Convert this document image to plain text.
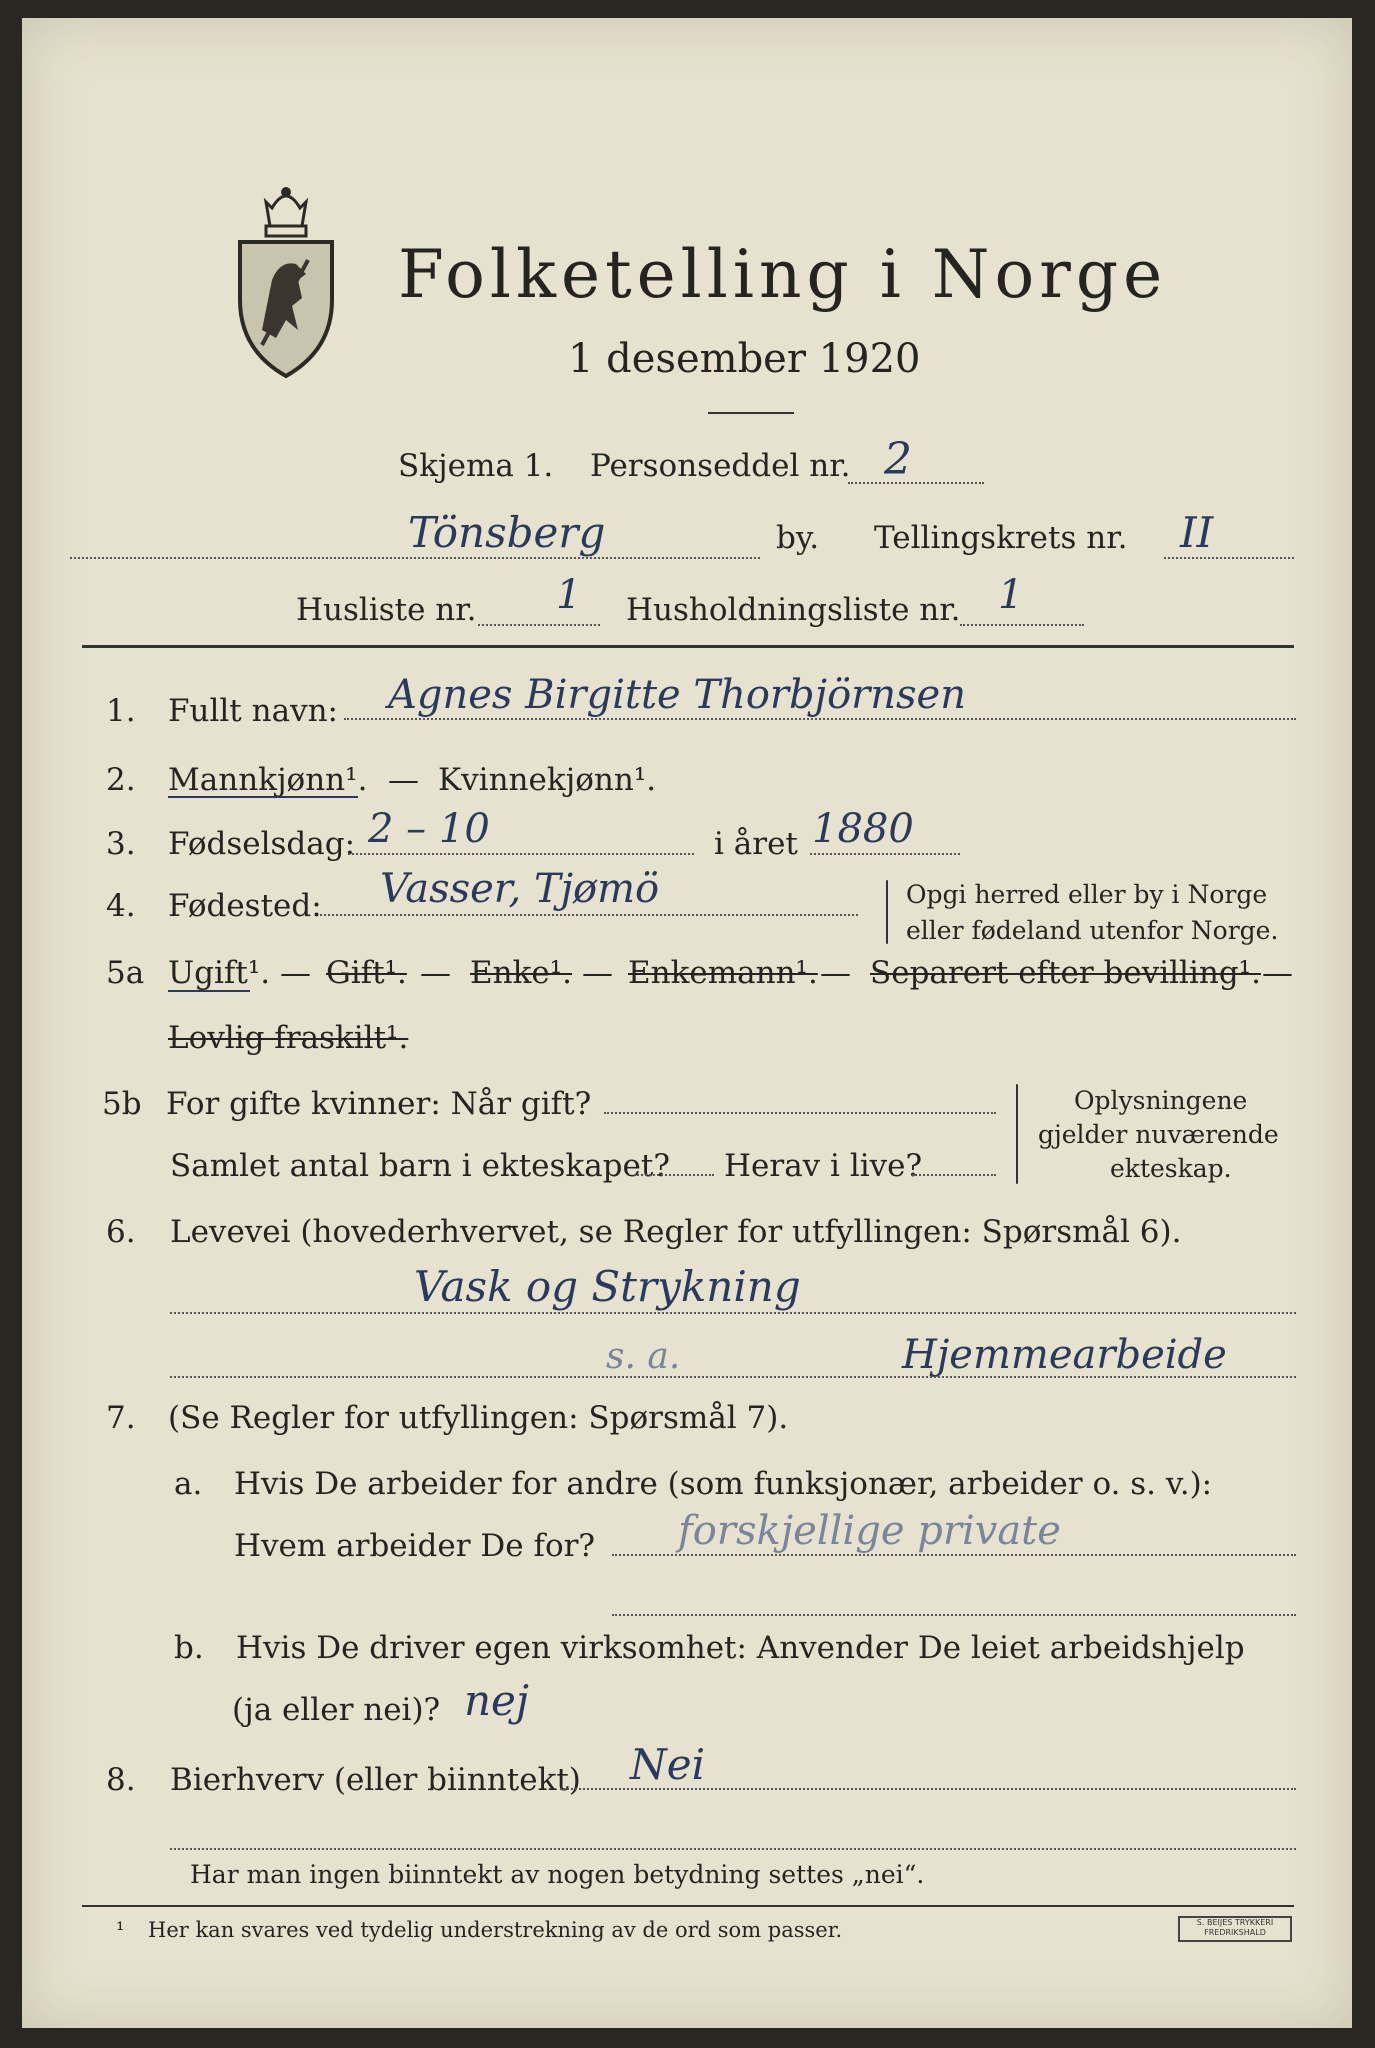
Folketelling i Norge
1 desember 1920
Skjema 1. Personseddel nr. 2
Tönsberg	by. Tellingskrets nr. II
Husliste nr. 1 Husholdningsliste nr. 1
1. Fullt navn: Agnes Birgitte Thorbjörnsen
2. Mannkjønn¹. — Kvinnekjønn¹.
3. Fødselsdag: 2 – 10	i året 1880
4. Fødested: Vasser, Tjømö	Opgi herred eller by i Norge
eller fødeland utenfor Norge.
5a Ugift¹. — Gift¹. — Enke¹. — Enkemann¹. — Separert efter bevilling¹. —
Lovlig fraskilt¹.
5b For gifte kvinner: Når gift?
Samlet antal barn i ekteskapet? Herav i live?
Oplysningene
gjelder nuværende
ekteskap.
6. Levevei (hovederhvervet, se Regler for utfyllingen: Spørsmål 6).
Vask og Strykning
s. a.	Hjemmearbeide
7. (Se Regler for utfyllingen: Spørsmål 7).
a. Hvis De arbeider for andre (som funksjonær, arbeider o. s. v.):
Hvem arbeider De for? forskjellige private
b. Hvis De driver egen virksomhet: Anvender De leiet arbeidshjelp
(ja eller nei)? nej
8. Bierhverv (eller biinntekt) Nei
Har man ingen biinntekt av nogen betydning settes „nei“.
¹ Her kan svares ved tydelig understrekning av de ord som passer.	S. BEIJES TRYKKERI FREDRIKSHALD
